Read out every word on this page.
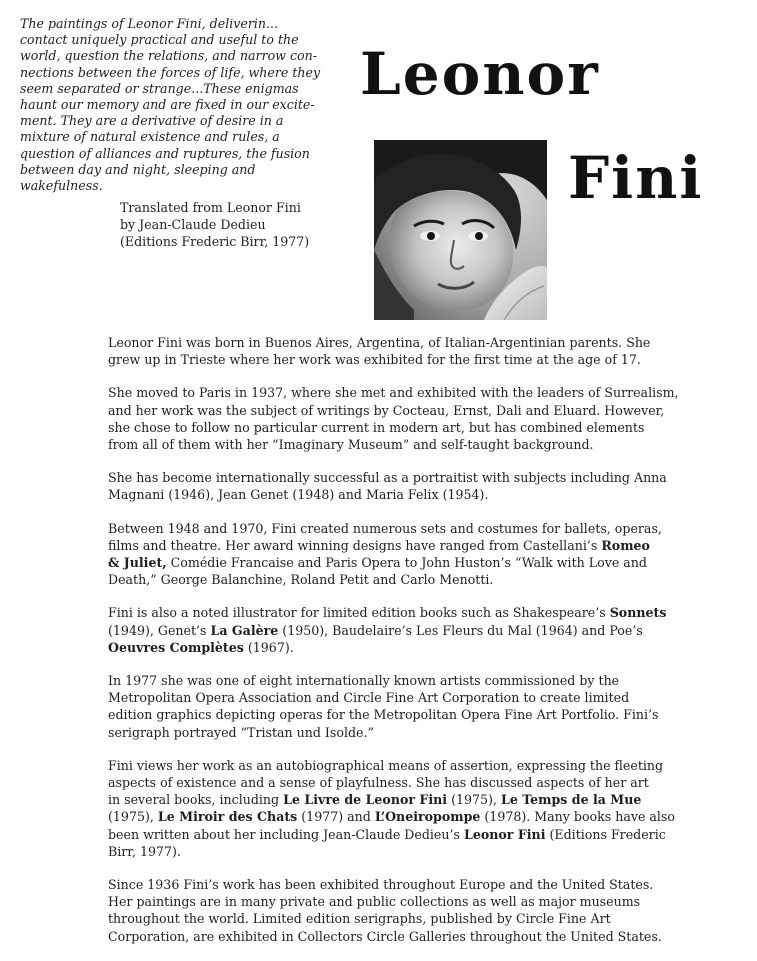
The paintings of Leonor Fini, deliverin...
contact uniquely practical and useful to the
world, question the relations, and narrow con-
nections between the forces of life, where they
seem separated or strange...These enigmas
haunt our memory and are fixed in our excite-
ment. They are a derivative of desire in a
mixture of natural existence and rules, a
question of alliances and ruptures, the fusion
between day and night, sleeping and
wakefulness.
Translated from Leonor Fini
by Jean-Claude Dedieu
(Editions Frederic Birr, 1977)
Leonor
Fini

Leonor Fini was born in Buenos Aires, Argentina, of Italian-Argentinian parents. She
grew up in Trieste where her work was exhibited for the first time at the age of 17.

She moved to Paris in 1937, where she met and exhibited with the leaders of Surrealism,
and her work was the subject of writings by Cocteau, Ernst, Dali and Eluard. However,
she chose to follow no particular current in modern art, but has combined elements
from all of them with her “Imaginary Museum” and self-taught background.

She has become internationally successful as a portraitist with subjects including Anna
Magnani (1946), Jean Genet (1948) and Maria Felix (1954).

Between 1948 and 1970, Fini created numerous sets and costumes for ballets, operas,
films and theatre. Her award winning designs have ranged from Castellani’s Romeo
& Juliet, Comédie Francaise and Paris Opera to John Huston’s “Walk with Love and
Death,” George Balanchine, Roland Petit and Carlo Menotti.

Fini is also a noted illustrator for limited edition books such as Shakespeare’s Sonnets
(1949), Genet’s La Galère (1950), Baudelaire’s Les Fleurs du Mal (1964) and Poe’s
Oeuvres Complètes (1967).

In 1977 she was one of eight internationally known artists commissioned by the
Metropolitan Opera Association and Circle Fine Art Corporation to create limited
edition graphics depicting operas for the Metropolitan Opera Fine Art Portfolio. Fini’s
serigraph portrayed “Tristan und Isolde.”

Fini views her work as an autobiographical means of assertion, expressing the fleeting
aspects of existence and a sense of playfulness. She has discussed aspects of her art
in several books, including Le Livre de Leonor Fini (1975), Le Temps de la Mue
(1975), Le Miroir des Chats (1977) and L’Oneiropompe (1978). Many books have also
been written about her including Jean-Claude Dedieu’s Leonor Fini (Editions Frederic
Birr, 1977).

Since 1936 Fini’s work has been exhibited throughout Europe and the United States.
Her paintings are in many private and public collections as well as major museums
throughout the world. Limited edition serigraphs, published by Circle Fine Art
Corporation, are exhibited in Collectors Circle Galleries throughout the United States.
